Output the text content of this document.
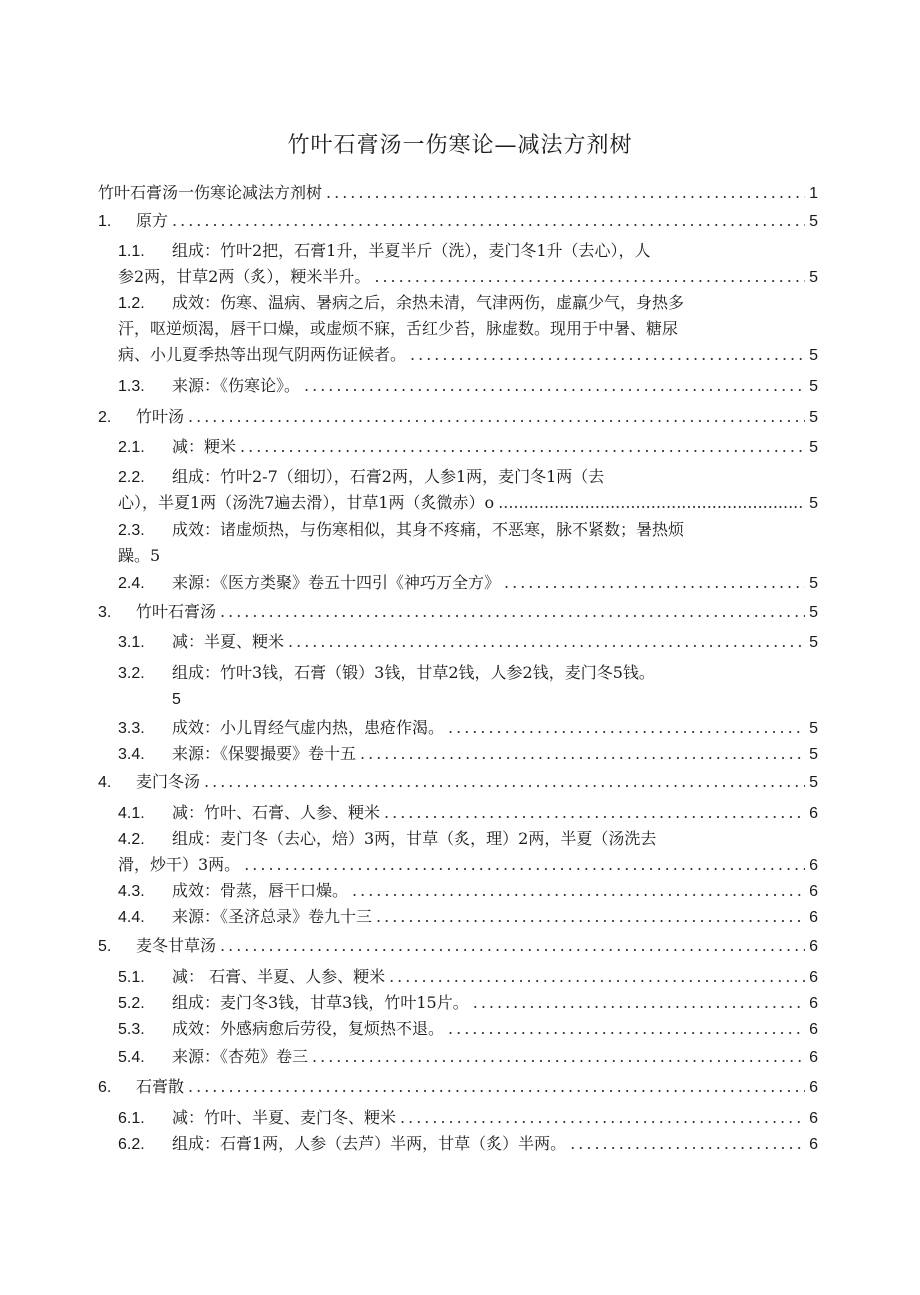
竹叶石膏汤一伤寒论—减法方剂树
竹叶石膏汤一伤寒论减法方剂树 .....	1
1.	原方 .....	5
1.1. 组成：竹叶2把，石膏1升，半夏半斤（洗），麦门冬1升（去心），人
参2两，甘草2两（炙），粳米半升。 .....	5
1.2. 成效：伤寒、温病、暑病之后，余热未清，气津两伤，虚羸少气，身热多
汗，呕逆烦渴，唇干口燥，或虚烦不寐，舌红少苔，脉虚数。现用于中暑、糖尿
病、小儿夏季热等出现气阴两伤证候者。 .....	5
1.3.	来源：《伤寒论》。 .....	5
2.	竹叶汤 .....	5
2.1.	减：粳米 .....	5
2.2. 组成：竹叶2-7（细切），石膏2两，人参1两，麦门冬1两（去
心），半夏1两（汤洗7遍去滑），甘草1两（炙微赤）o .....	5
2.3. 成效：诸虚烦热，与伤寒相似，其身不疼痛，不恶寒，脉不紧数；暑热烦
躁。5
2.4.	来源：《医方类聚》卷五十四引《神巧万全方》 .....	5
3.	竹叶石膏汤 .....	5
3.1.	减：半夏、粳米 .....	5
3.2. 组成：竹叶3钱，石膏（锻）3钱，甘草2钱，人参2钱，麦门冬5钱。
5
3.3.	成效：小儿胃经气虚内热，患疮作渴。 .....	5
3.4.	来源：《保婴撮要》卷十五 .....	5
4.	麦门冬汤 .....	5
4.1.	减：竹叶、石膏、人参、粳米 .....	6
4.2. 组成：麦门冬（去心，焙）3两，甘草（炙，理）2两，半夏（汤洗去
滑，炒干）3两。 .....	6
4.3.	成效：骨蒸，唇干口燥。 .....	6
4.4.	来源：《圣济总录》卷九十三 .....	6
5.	麦冬甘草汤 .....	6
5.1.	减： 石膏、半夏、人参、粳米 .....	6
5.2.	组成：麦门冬3钱，甘草3钱，竹叶15片。 .....	6
5.3.	成效：外感病愈后劳役，复烦热不退。 .....	6
5.4.	来源：《杏苑》卷三 .....	6
6.	石膏散 .....	6
6.1.	减：竹叶、半夏、麦门冬、粳米 .....	6
6.2.	组成：石膏1两，人参（去芦）半两，甘草（炙）半两。 .....	6
